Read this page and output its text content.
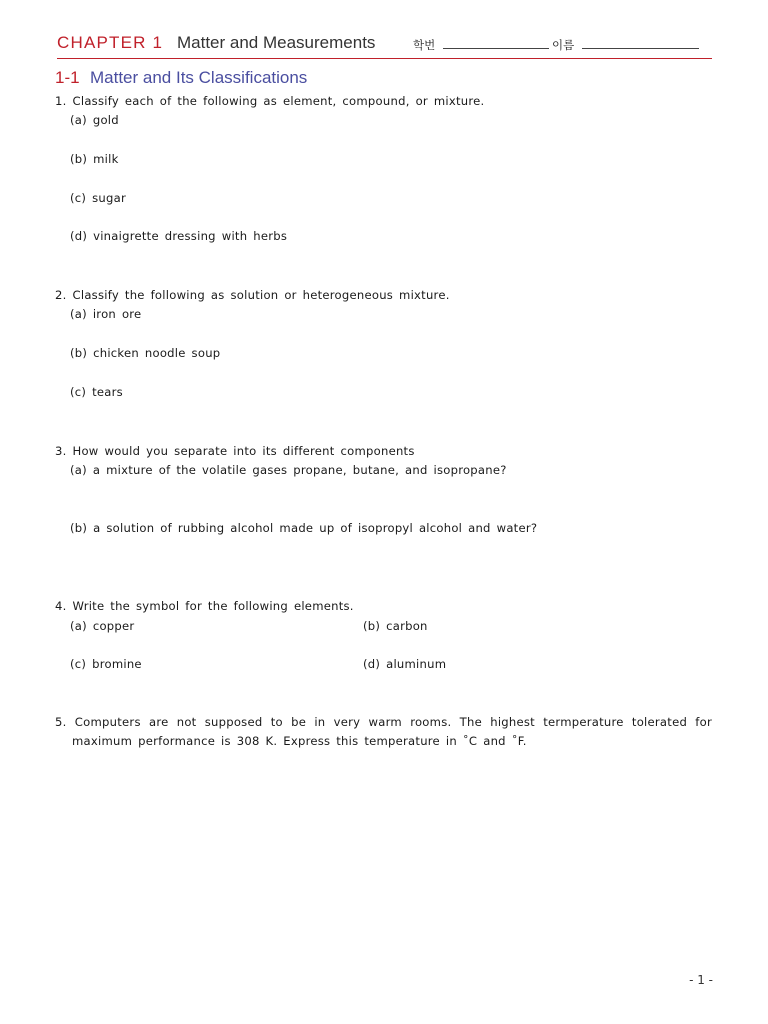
CHAPTER 1 Matter and Measurements	학번	이름
1-1 Matter and Its Classifications
1. Classify each of the following as element, compound, or mixture.
(a) gold
(b) milk
(c) sugar
(d) vinaigrette dressing with herbs
2. Classify the following as solution or heterogeneous mixture.
(a) iron ore
(b) chicken noodle soup
(c) tears
3. How would you separate into its different components
(a) a mixture of the volatile gases propane, butane, and isopropane?
(b) a solution of rubbing alcohol made up of isopropyl alcohol and water?
4. Write the symbol for the following elements.
(a) copper	(b) carbon
(c) bromine	(d) aluminum
5. Computers are not supposed to be in very warm rooms. The highest termperature tolerated for
maximum performance is 308 K. Express this temperature in ˚C and ˚F.
- 1 -
